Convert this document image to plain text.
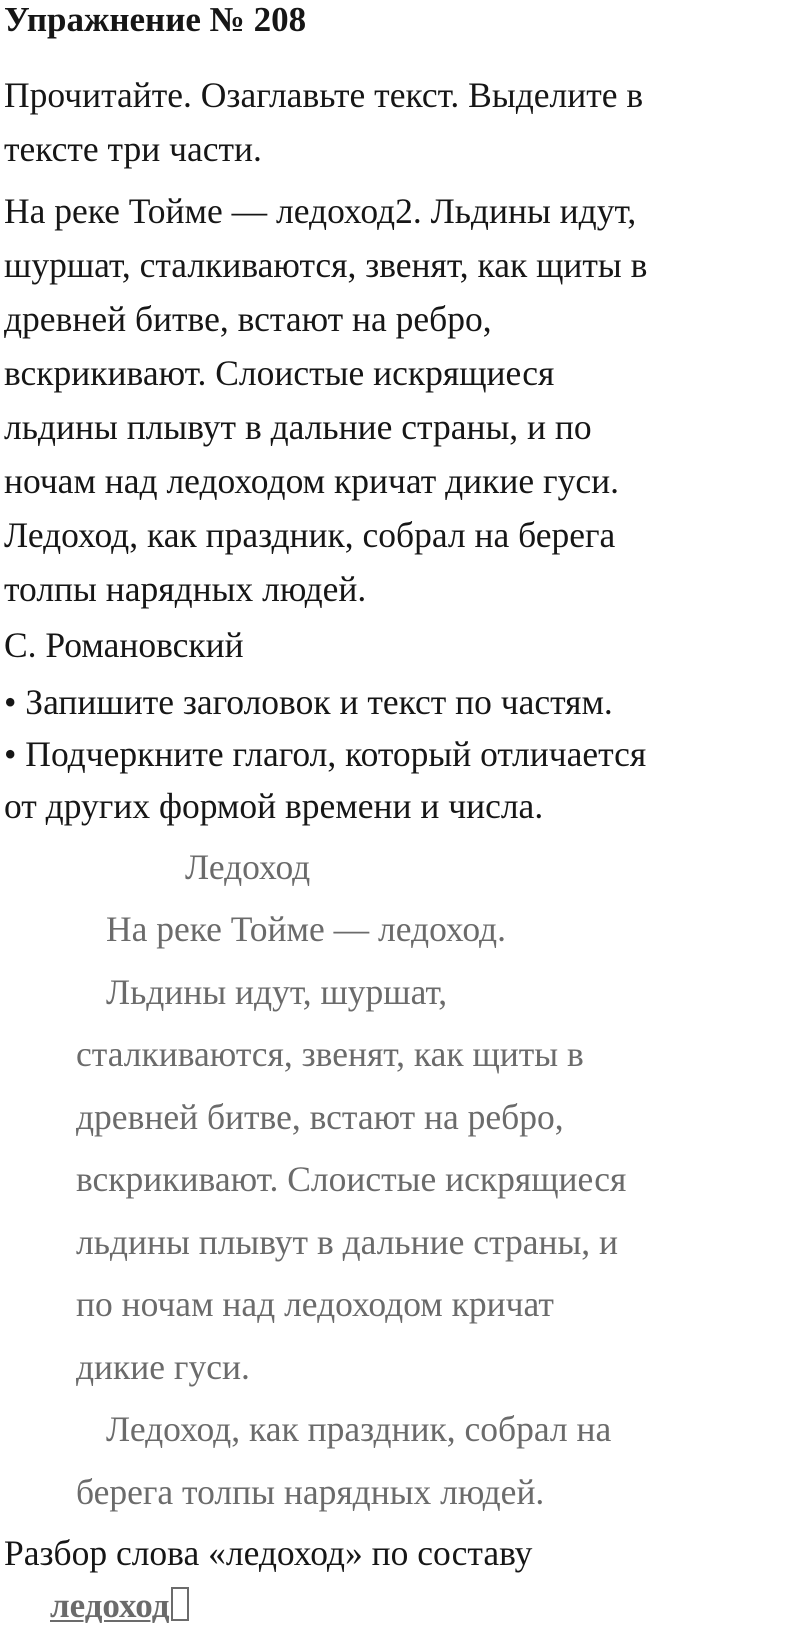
Упражнение № 208
Прочитайте. Озаглавьте текст. Выделите в
тексте три части.
На реке Тойме — ледоход2. Льдины идут,
шуршат, сталкиваются, звенят, как щиты в
древней битве, встают на ребро,
вскрикивают. Слоистые искрящиеся
льдины плывут в дальние страны, и по
ночам над ледоходом кричат дикие гуси.
Ледоход, как праздник, собрал на берега
толпы нарядных людей.
С. Романовский
• Запишите заголовок и текст по частям.
• Подчеркните глагол, который отличается
от других формой времени и числа.
Ледоход
На реке Тойме — ледоход.
Льдины идут, шуршат,
сталкиваются, звенят, как щиты в
древней битве, встают на ребро,
вскрикивают. Слоистые искрящиеся
льдины плывут в дальние страны, и
по ночам над ледоходом кричат
дикие гуси.
Ледоход, как праздник, собрал на
берега толпы нарядных людей.
Разбор слова «ледоход» по составу
ледоход
